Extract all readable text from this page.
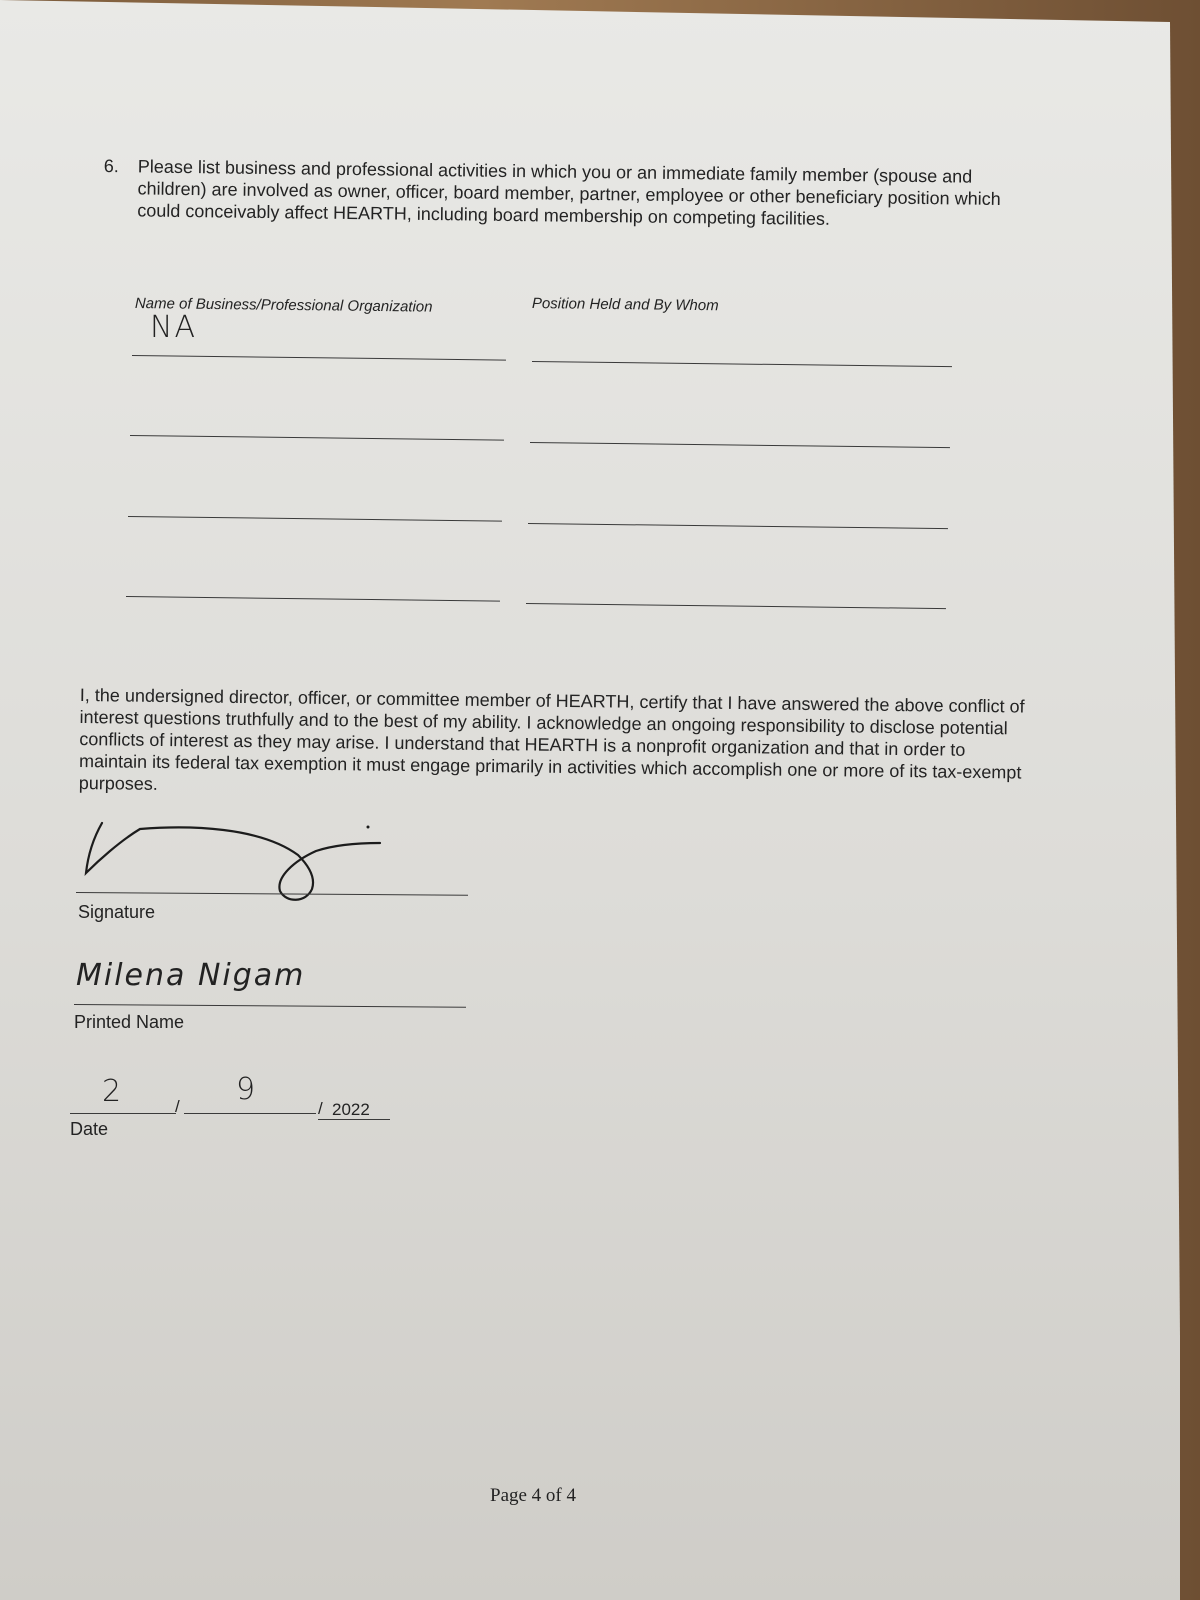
6. Please list business and professional activities in which you or an immediate family member (spouse and children) are involved as owner, officer, board member, partner, employee or other beneficiary position which could conceivably affect HEARTH, including board membership on competing facilities.
Name of Business/Professional Organization	Position Held and By Whom
NA
I, the undersigned director, officer, or committee member of HEARTH, certify that I have answered the above conflict of interest questions truthfully and to the best of my ability. I acknowledge an ongoing responsibility to disclose potential conflicts of interest as they may arise. I understand that HEARTH is a nonprofit organization and that in order to maintain its federal tax exemption it must engage primarily in activities which accomplish one or more of its tax-exempt purposes.
Signature
Milena Nigam
Printed Name
2	/ 9
/ 2022
Date
Page 4 of 4
